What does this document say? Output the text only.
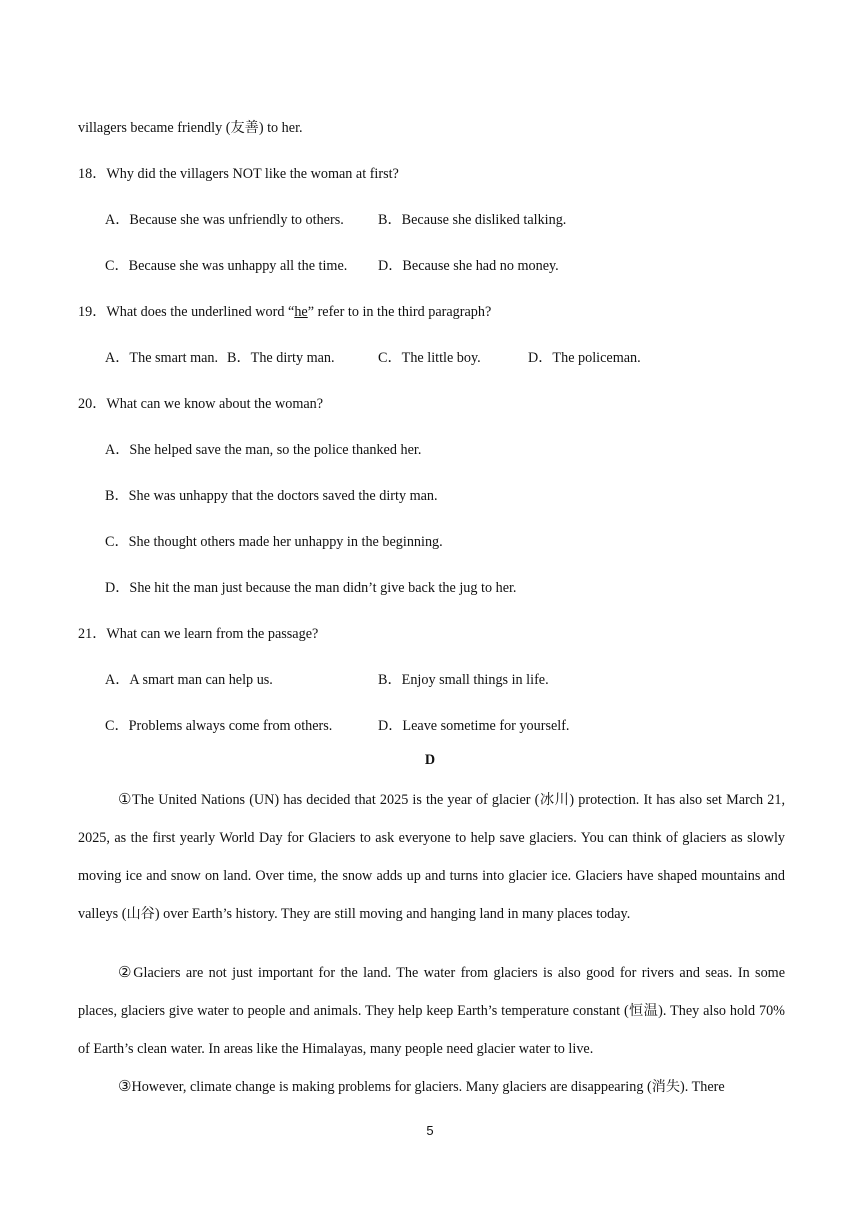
villagers became friendly (友善) to her.
18．Why did the villagers NOT like the woman at first?
A．Because she was unfriendly to others. B．Because she disliked talking.
C．Because she was unhappy all the time. D．Because she had no money.
19．What does the underlined word “he” refer to in the third paragraph?
A．The smart man. B．The dirty man.	C．The little boy.	D．The policeman.
20．What can we know about the woman?
A．She helped save the man, so the police thanked her.
B．She was unhappy that the doctors saved the dirty man.
C．She thought others made her unhappy in the beginning.
D．She hit the man just because the man didn’t give back the jug to her.
21．What can we learn from the passage?
A．A smart man can help us.	B．Enjoy small things in life.
C．Problems always come from others.	D．Leave sometime for yourself.
D
①The United Nations (UN) has decided that 2025 is the year of glacier (冰川) protection. It has also set March 21, 2025, as the first yearly World Day for Glaciers to ask everyone to help save glaciers. You can think of glaciers as slowly moving ice and snow on land. Over time, the snow adds up and turns into glacier ice. Glaciers have shaped mountains and valleys (山谷) over Earth’s history. They are still moving and hanging land in many places today.
②Glaciers are not just important for the land. The water from glaciers is also good for rivers and seas. In some places, glaciers give water to people and animals. They help keep Earth’s temperature constant (恒温). They also hold 70% of Earth’s clean water. In areas like the Himalayas, many people need glacier water to live.
③However, climate change is making problems for glaciers. Many glaciers are disappearing (消失). There
5
